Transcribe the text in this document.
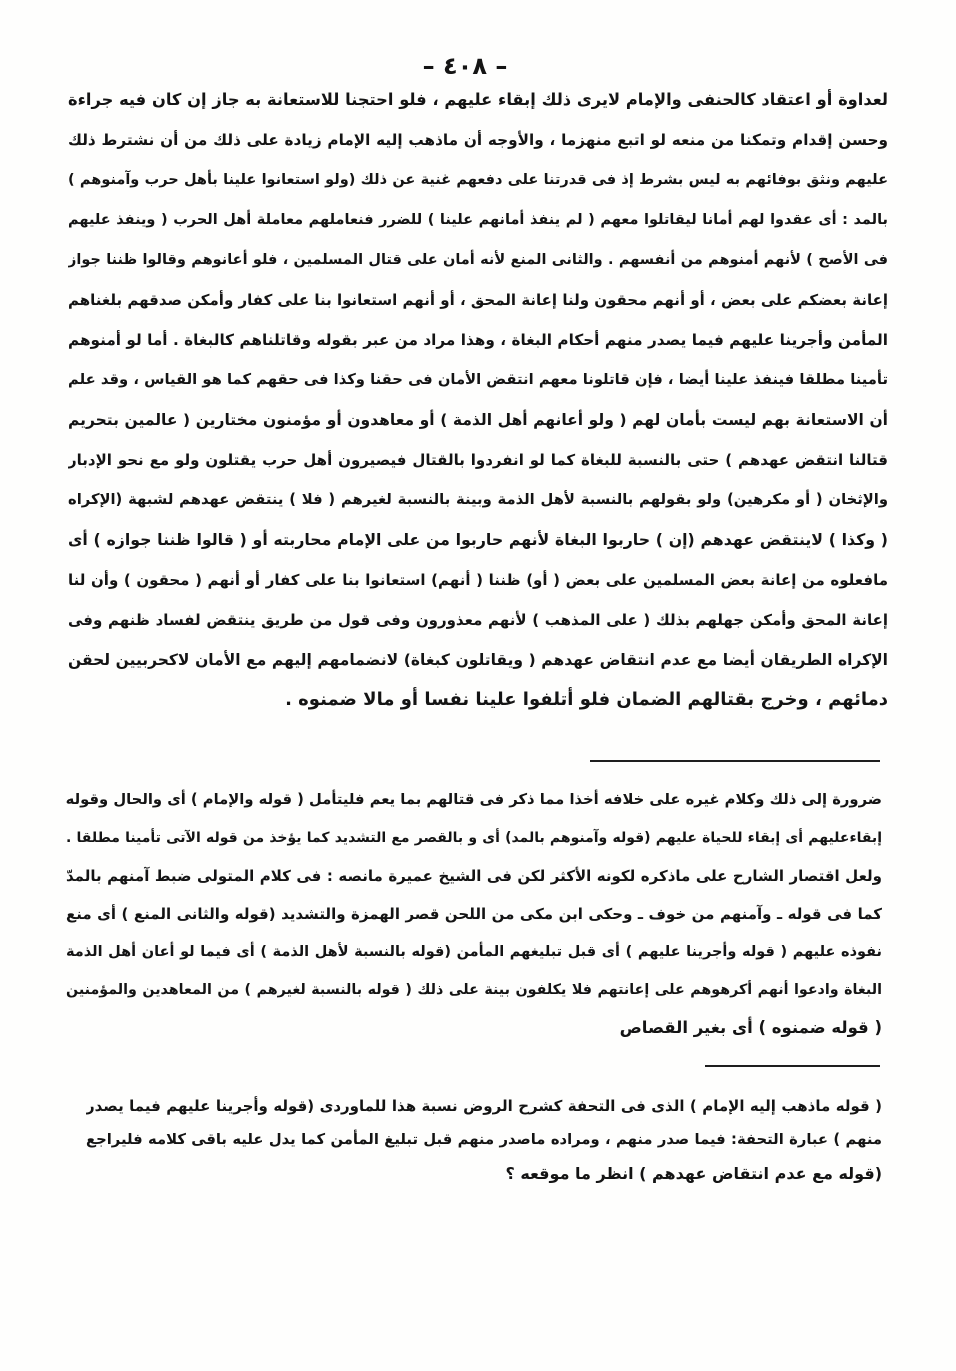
– ٤٠٨ –
لعداوة أو اعتقاد كالحنفى والإمام لايرى ذلك إبقاء عليهم ، فلو احتجنا للاستعانة به جاز إن كان فيه جراءة
وحسن إقدام وتمكنا من منعه لو اتبع منهزما ، والأوجه أن ماذهب إليه الإمام زيادة على ذلك من أن نشترط ذلك
عليهم ونثق بوفائهم به ليس بشرط إذ فى قدرتنا على دفعهم غنية عن ذلك (ولو استعانوا علينا بأهل حرب وآمنوهم )
بالمد : أى عقدوا لهم أمانا ليقاتلوا معهم ( لم ينفذ أمانهم علينا ) للضرر فنعاملهم معاملة أهل الحرب ( وينفذ عليهم
فى الأصح ) لأنهم أمنوهم من أنفسهم . والثانى المنع لأنه أمان على قتال المسلمين ، فلو أعانوهم وقالوا ظننا جواز
إعانة بعضكم على بعض ، أو أنهم محقون ولنا إعانة المحق ، أو أنهم استعانوا بنا على كفار وأمكن صدقهم بلغناهم
المأمن وأجرينا عليهم فيما يصدر منهم أحكام البغاة ، وهذا مراد من عبر بقوله وقاتلناهم كالبغاة . أما لو أمنوهم
تأمينا مطلقا فينفذ علينا أيضا ، فإن قاتلونا معهم انتقض الأمان فى حقنا وكذا فى حقهم كما هو القياس ، وقد علم
أن الاستعانة بهم ليست بأمان لهم ( ولو أعانهم أهل الذمة ) أو معاهدون أو مؤمنون مختارين ( عالمين بتحريم
قتالنا انتقض عهدهم ) حتى بالنسبة للبغاة كما لو انفردوا بالقتال فيصيرون أهل حرب يقتلون ولو مع نحو الإدبار
والإثخان ( أو مكرهين) ولو بقولهم بالنسبة لأهل الذمة وبينة بالنسبة لغيرهم ( فلا ) ينتقض عهدهم لشبهة (الإكراه
( وكذا ) لاينتقض عهدهم (إن ) حاربوا البغاة لأنهم حاربوا من على الإمام محاربته أو ( قالوا ظننا جوازه ) أى
مافعلوه من إعانة بعض المسلمين على بعض ( أو) ظننا ( أنهم) استعانوا بنا على كفار أو أنهم ( محقون ) وأن لنا
إعانة المحق وأمكن جهلهم بذلك ( على المذهب ) لأنهم معذورون وفى قول من طريق ينتقض لفساد ظنهم وفى
الإكراه الطريقان أيضا مع عدم انتقاض عهدهم ( ويقاتلون كبغاة) لانضمامهم إليهم مع الأمان لاكحربيين لحقن
دمائهم ، وخرج بقتالهم الضمان فلو أتلفوا علينا نفسا أو مالا ضمنوه .
ضرورة إلى ذلك وكلام غيره على خلافه أخذا مما ذكر فى قتالهم بما يعم فليتأمل ( قوله والإمام ) أى والحال وقوله
إبقاءعليهم أى إبقاء للحياة عليهم (قوله وآمنوهم بالمد) أى و بالقصر مع التشديد كما يؤخذ من قوله الآتى تأمينا مطلقا .
ولعل اقتصار الشارح على ماذكره لكونه الأكثر لكن فى الشيخ عميرة مانصه : فى كلام المتولى ضبط آمنهم بالمدّ
كما فى قوله ـ وآمنهم من خوف ـ وحكى ابن مكى من اللحن قصر الهمزة والتشديد (قوله والثانى المنع ) أى منع
نفوذه عليهم ( قوله وأجرينا عليهم ) أى قبل تبليغهم المأمن (قوله بالنسبة لأهل الذمة ) أى فيما لو أعان أهل الذمة
البغاة وادعوا أنهم أكرهوهم على إعانتهم فلا يكلفون بينة على ذلك ( قوله بالنسبة لغيرهم ) من المعاهدين والمؤمنين
( قوله ضمنوه ) أى بغير القصاص
( قوله ماذهب إليه الإمام ) الذى فى التحفة كشرح الروض نسبة هذا للماوردى (قوله وأجرينا عليهم فيما يصدر
منهم ) عبارة التحفة: فيما صدر منهم ، ومراده ماصدر منهم قبل تبليغ المأمن كما يدل عليه باقى كلامه فليراجع
(قوله مع عدم انتقاض عهدهم ) انظر ما موقعه ؟
